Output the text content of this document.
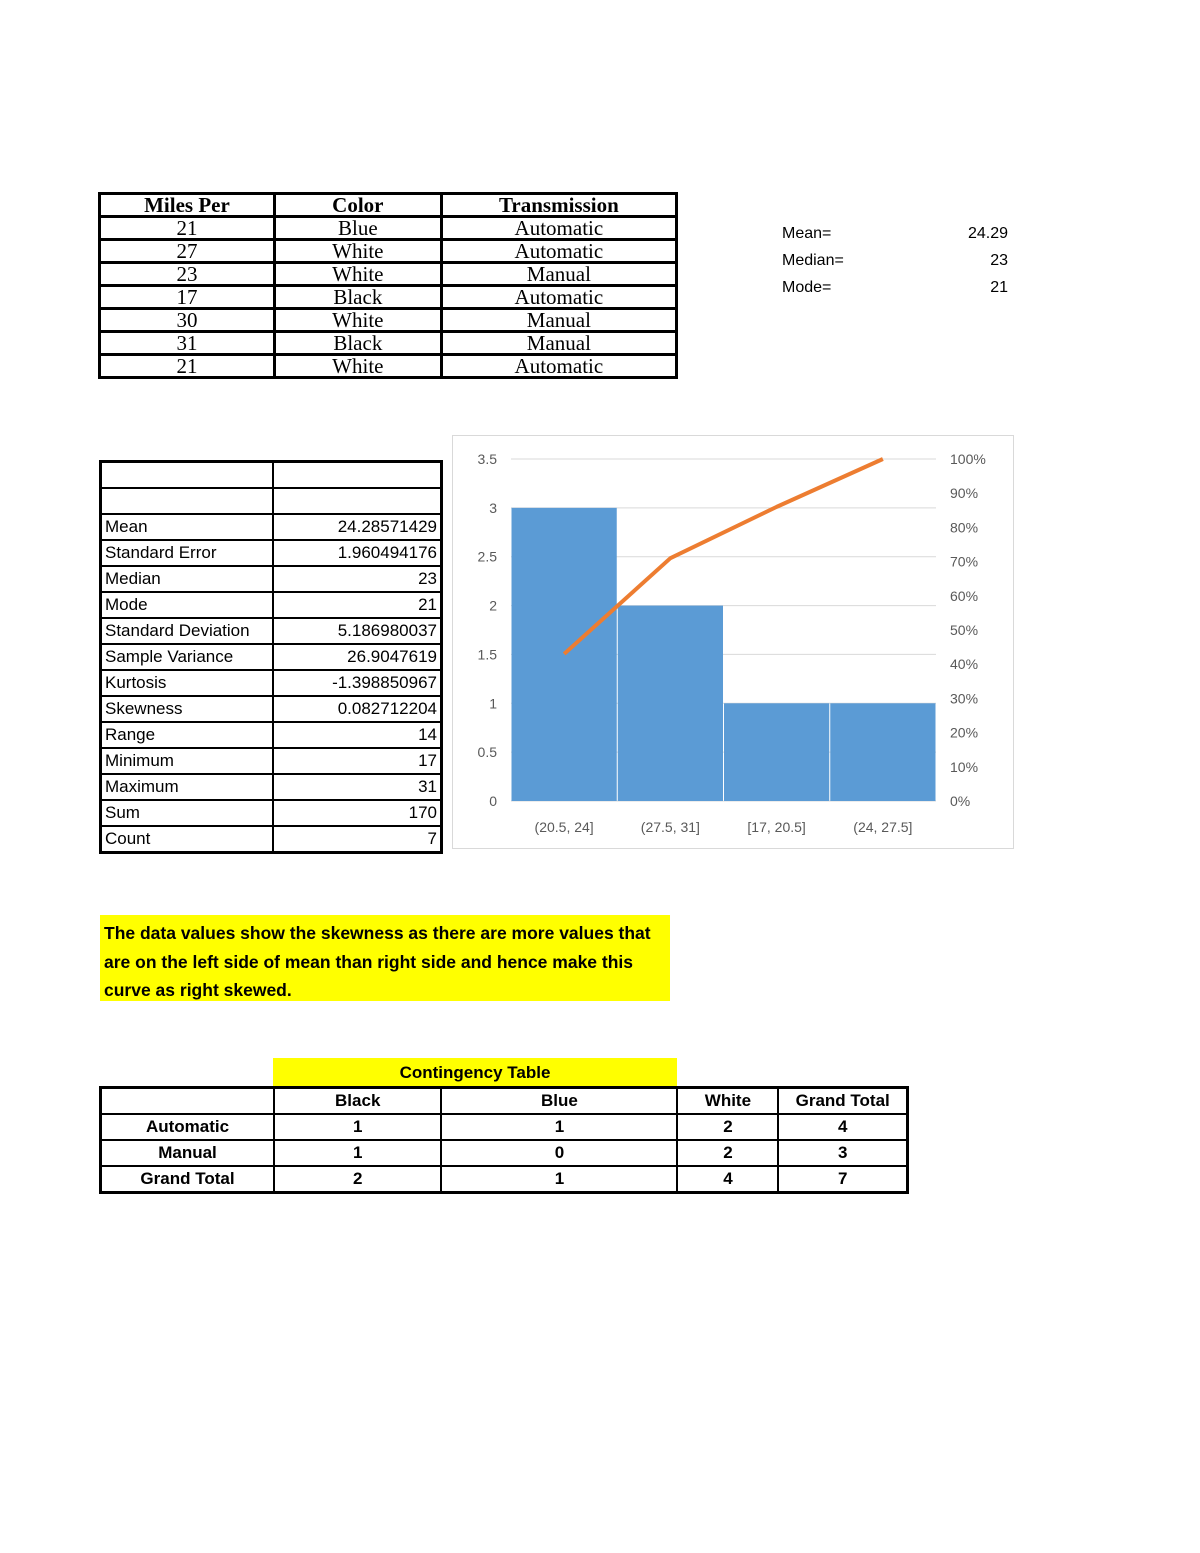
Miles Per	Color	Transmission
21	Blue	Automatic
27	White	Automatic
23	White	Manual
17	Black	Automatic
30	White	Manual
31	Black	Manual
21	White	Automatic
Mean=	24.29
Median=	23
Mode=	21

Mean	24.28571429
Standard Error	1.960494176
Median	23
Mode	21
Standard Deviation	5.186980037
Sample Variance	26.9047619
Kurtosis	-1.398850967
Skewness	0.082712204
Range	14
Minimum	17
Maximum	31
Sum	170
Count	7
0
0.5
1
1.5
2
2.5
3
3.5
0%
10%
20%
30%
40%
50%
60%
70%
80%
90%
100%
(20.5, 24]	(27.5, 31]	[17, 20.5]	(24, 27.5]
The data values show the skewness as there are more values that are on the left side of mean than right side and hence make this curve as right skewed.
Contingency Table
	Black	Blue	White	Grand Total
Automatic	1	1	2	4
Manual	1	0	2	3
Grand Total	2	1	4	7
